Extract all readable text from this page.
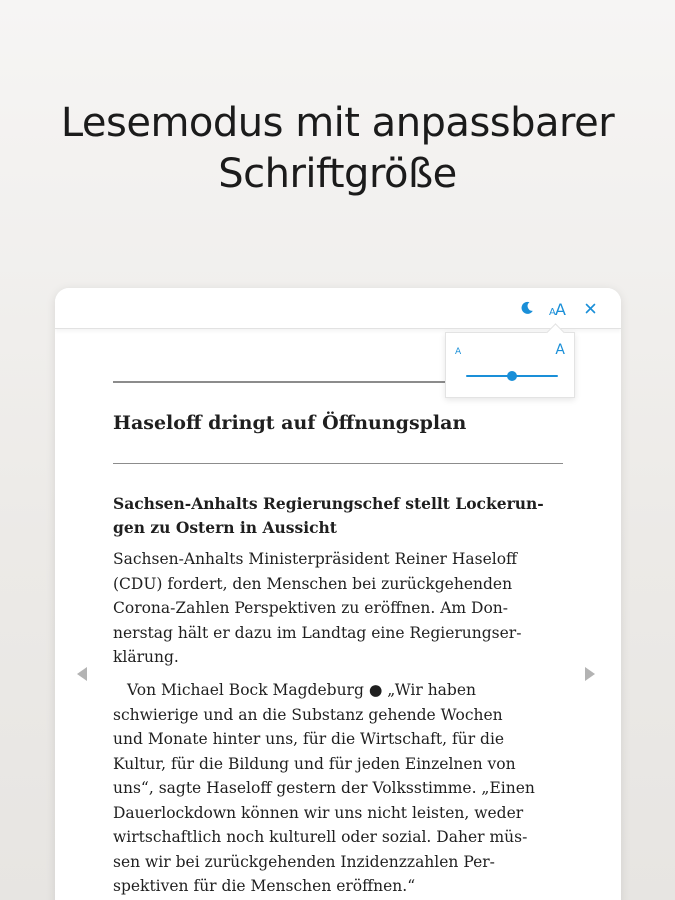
Lesemodus mit anpassbarer
Schriftgröße
A A
A	A
Haseloff dringt auf Öffnungsplan
Sachsen-Anhalts Regierungschef stellt Lockerun-
gen zu Ostern in Aussicht
Sachsen-Anhalts Ministerpräsident Reiner Haseloff
(CDU) fordert, den Menschen bei zurückgehenden
Corona-Zahlen Perspektiven zu eröffnen. Am Don-
nerstag hält er dazu im Landtag eine Regierungser-
klärung.
Von Michael Bock Magdeburg ● „Wir haben
schwierige und an die Substanz gehende Wochen
und Monate hinter uns, für die Wirtschaft, für die
Kultur, für die Bildung und für jeden Einzelnen von
uns“, sagte Haseloff gestern der Volksstimme. „Einen
Dauerlockdown können wir uns nicht leisten, weder
wirtschaftlich noch kulturell oder sozial. Daher müs-
sen wir bei zurückgehenden Inzidenzzahlen Per-
spektiven für die Menschen eröffnen.“
